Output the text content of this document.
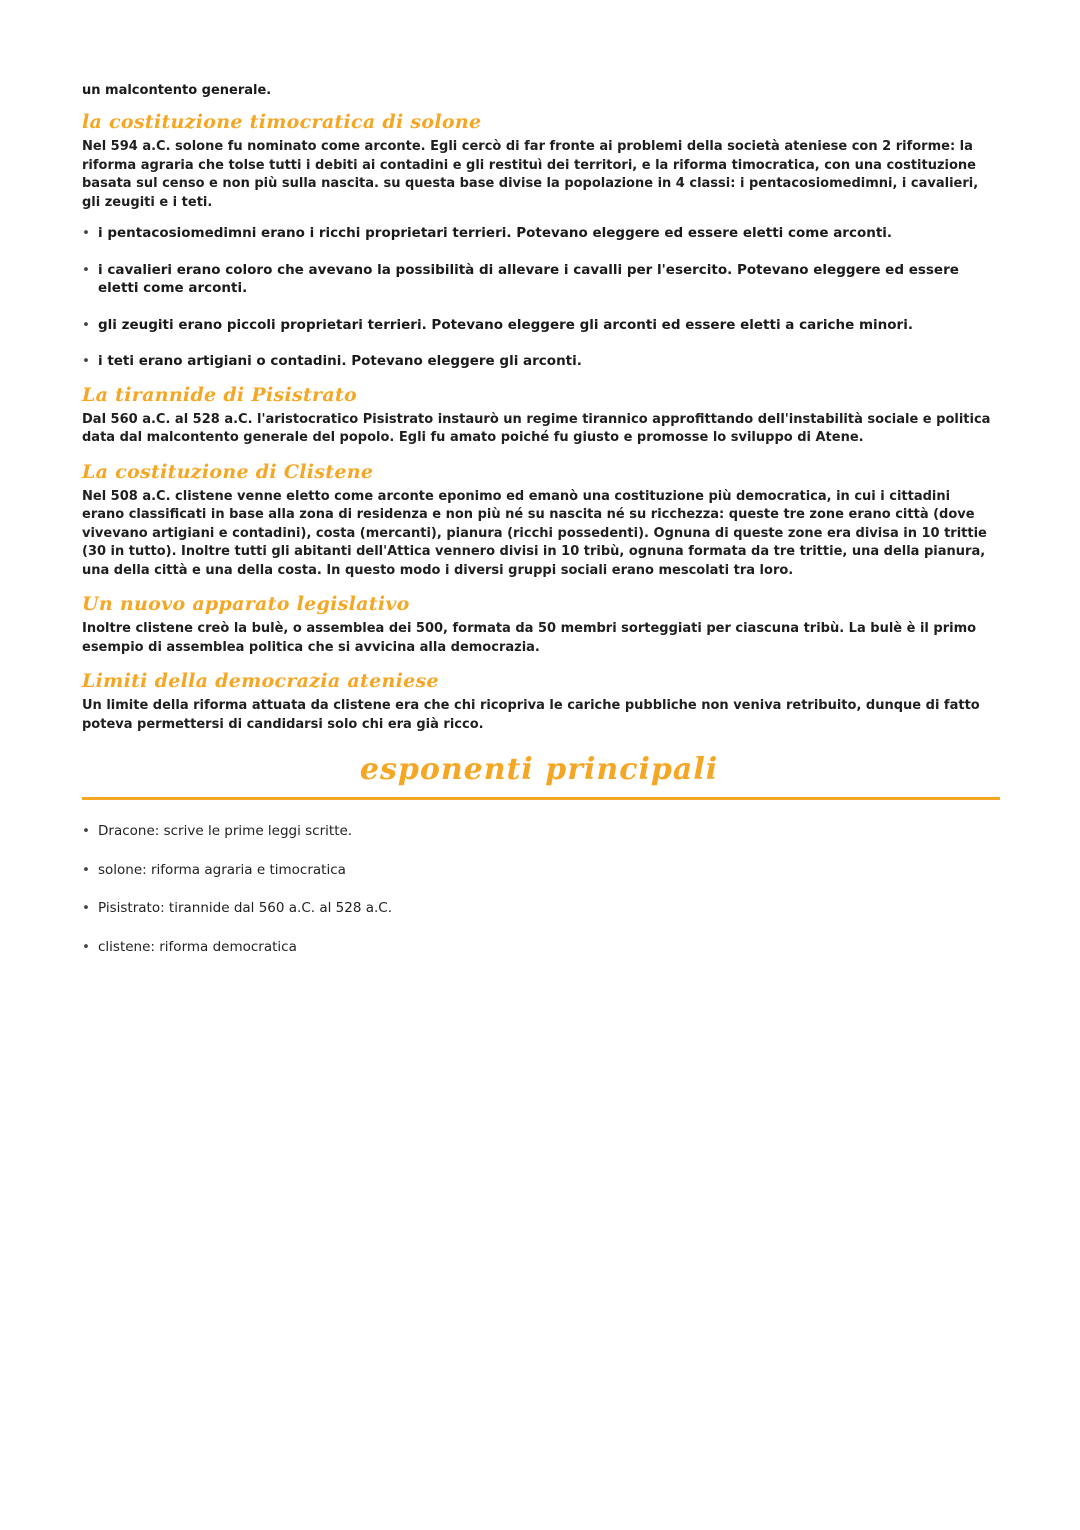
un malcontento generale.

la costituzione timocratica di solone

Nel 594 a.C. solone fu nominato come arconte. Egli cercò di far fronte ai problemi della società ateniese con 2 riforme: la riforma agraria che tolse tutti i debiti ai contadini e gli restituì dei territori, e la riforma timocratica, con una costituzione basata sul censo e non più sulla nascita. su questa base divise la popolazione in 4 classi: i pentacosiomedimni, i cavalieri, gli zeugiti e i teti.

• i pentacosiomedimni erano i ricchi proprietari terrieri. Potevano eleggere ed essere eletti come arconti.
• i cavalieri erano coloro che avevano la possibilità di allevare i cavalli per l'esercito. Potevano eleggere ed essere eletti come arconti.
• gli zeugiti erano piccoli proprietari terrieri. Potevano eleggere gli arconti ed essere eletti a cariche minori.
• i teti erano artigiani o contadini. Potevano eleggere gli arconti.
La tirannide di Pisistrato

Dal 560 a.C. al 528 a.C. l'aristocratico Pisistrato instaurò un regime tirannico approfittando dell'instabilità sociale e politica data dal malcontento generale del popolo. Egli fu amato poiché fu giusto e promosse lo sviluppo di Atene.

La costituzione di Clistene

Nel 508 a.C. clistene venne eletto come arconte eponimo ed emanò una costituzione più democratica, in cui i cittadini erano classificati in base alla zona di residenza e non più né su nascita né su ricchezza: queste tre zone erano città (dove vivevano artigiani e contadini), costa (mercanti), pianura (ricchi possedenti). Ognuna di queste zone era divisa in 10 trittie (30 in tutto). Inoltre tutti gli abitanti dell'Attica vennero divisi in 10 tribù, ognuna formata da tre trittie, una della pianura, una della città e una della costa. In questo modo i diversi gruppi sociali erano mescolati tra loro.

Un nuovo apparato legislativo

Inoltre clistene creò la bulè, o assemblea dei 500, formata da 50 membri sorteggiati per ciascuna tribù. La bulè è il primo esempio di assemblea politica che si avvicina alla democrazia.

Limiti della democrazia ateniese

Un limite della riforma attuata da clistene era che chi ricopriva le cariche pubbliche non veniva retribuito, dunque di fatto poteva permettersi di candidarsi solo chi era già ricco.

esponenti principali
• Dracone: scrive le prime leggi scritte.
• solone: riforma agraria e timocratica
• Pisistrato: tirannide dal 560 a.C. al 528 a.C.
• clistene: riforma democratica
